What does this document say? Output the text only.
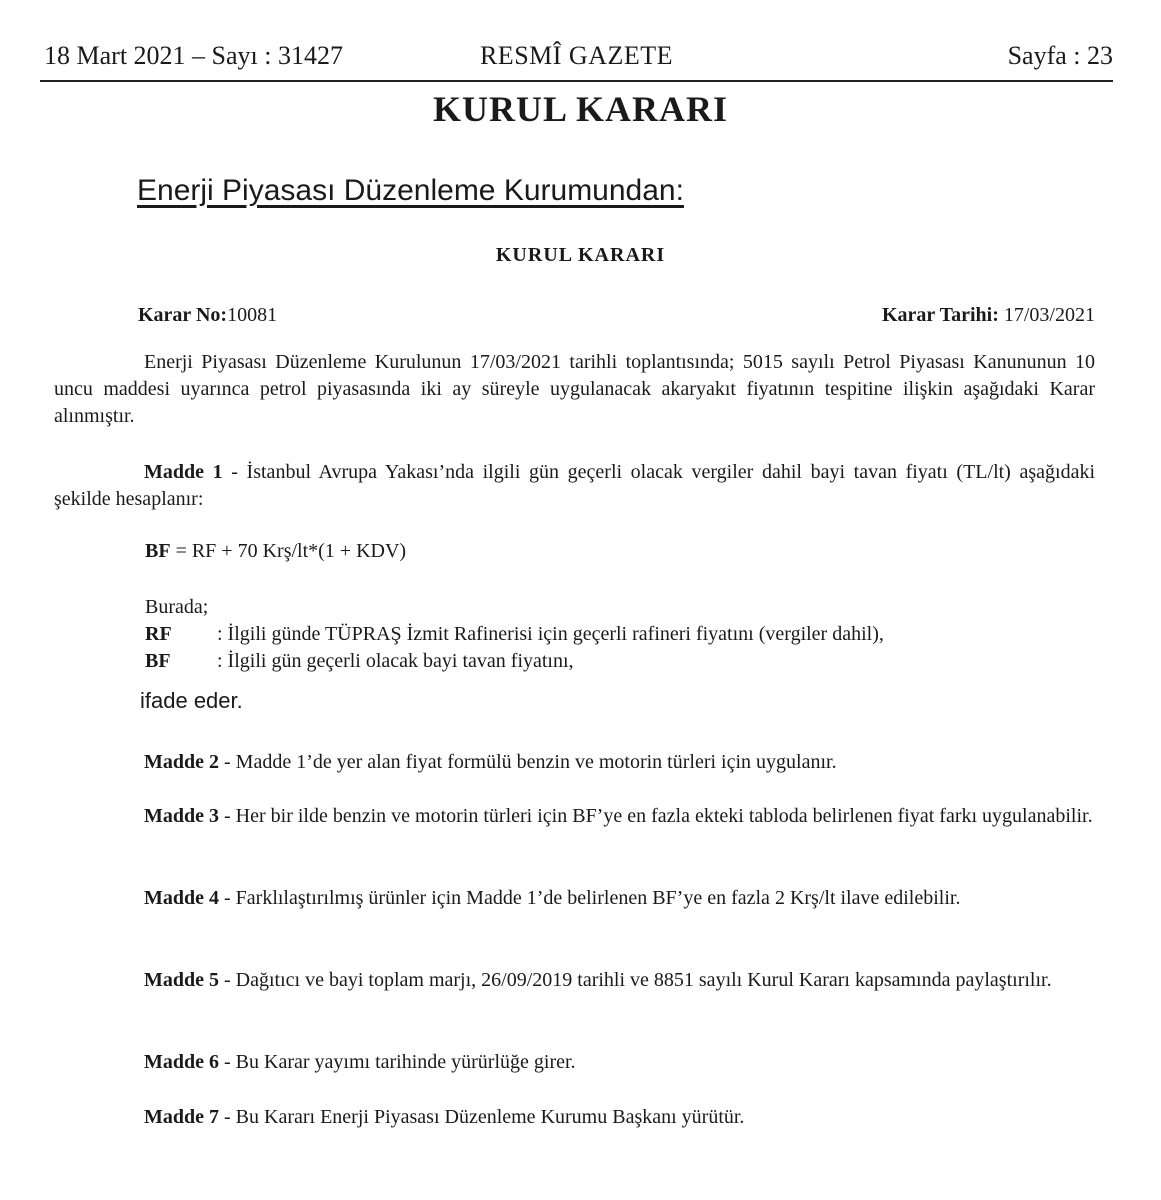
18 Mart 2021 – Sayı : 31427	RESMÎ GAZETE	Sayfa : 23
KURUL KARARI
Enerji Piyasası Düzenleme Kurumundan:
KURUL KARARI
Karar No:10081	Karar Tarihi: 17/03/2021
Enerji Piyasası Düzenleme Kurulunun 17/03/2021 tarihli toplantısında; 5015 sayılı Petrol Piyasası Kanununun 10 uncu maddesi uyarınca petrol piyasasında iki ay süreyle uygulanacak akaryakıt fiyatının tespitine ilişkin aşağıdaki Karar alınmıştır.
Madde 1 - İstanbul Avrupa Yakası’nda ilgili gün geçerli olacak vergiler dahil bayi tavan fiyatı (TL/lt) aşağıdaki şekilde hesaplanır:
BF = RF + 70 Krş/lt*(1 + KDV)
Burada;
RF : İlgili günde TÜPRAŞ İzmit Rafinerisi için geçerli rafineri fiyatını (vergiler dahil),
BF : İlgili gün geçerli olacak bayi tavan fiyatını,
ifade eder.
Madde 2 - Madde 1’de yer alan fiyat formülü benzin ve motorin türleri için uygulanır.
Madde 3 - Her bir ilde benzin ve motorin türleri için BF’ye en fazla ekteki tabloda belirlenen fiyat farkı uygulanabilir.
Madde 4 - Farklılaştırılmış ürünler için Madde 1’de belirlenen BF’ye en fazla 2 Krş/lt ilave edilebilir.
Madde 5 - Dağıtıcı ve bayi toplam marjı, 26/09/2019 tarihli ve 8851 sayılı Kurul Kararı kapsamında paylaştırılır.
Madde 6 - Bu Karar yayımı tarihinde yürürlüğe girer.
Madde 7 - Bu Kararı Enerji Piyasası Düzenleme Kurumu Başkanı yürütür.
